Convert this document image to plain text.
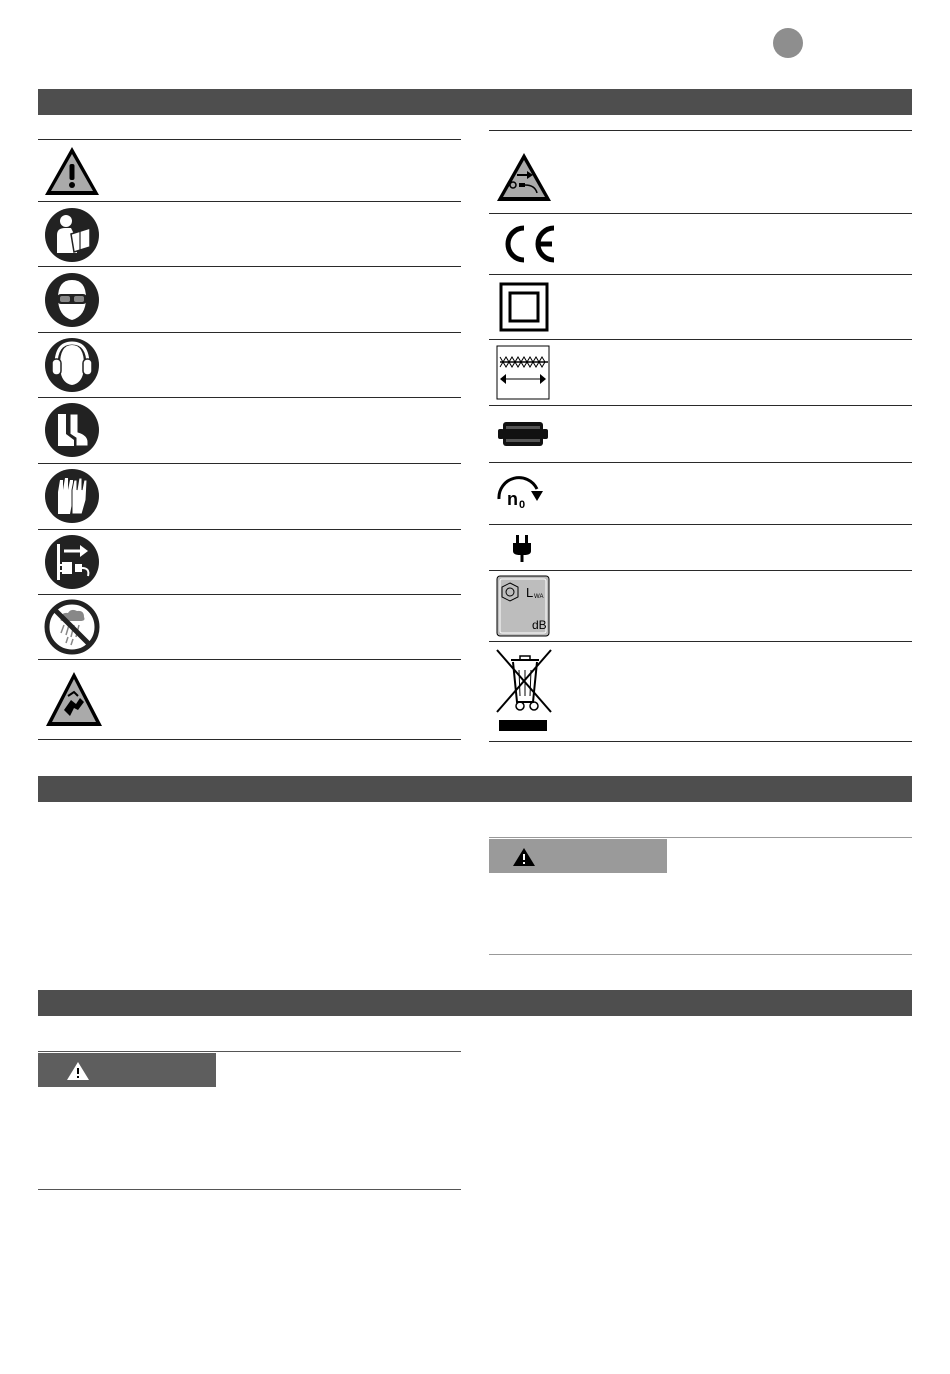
n 0
L WA
dB
